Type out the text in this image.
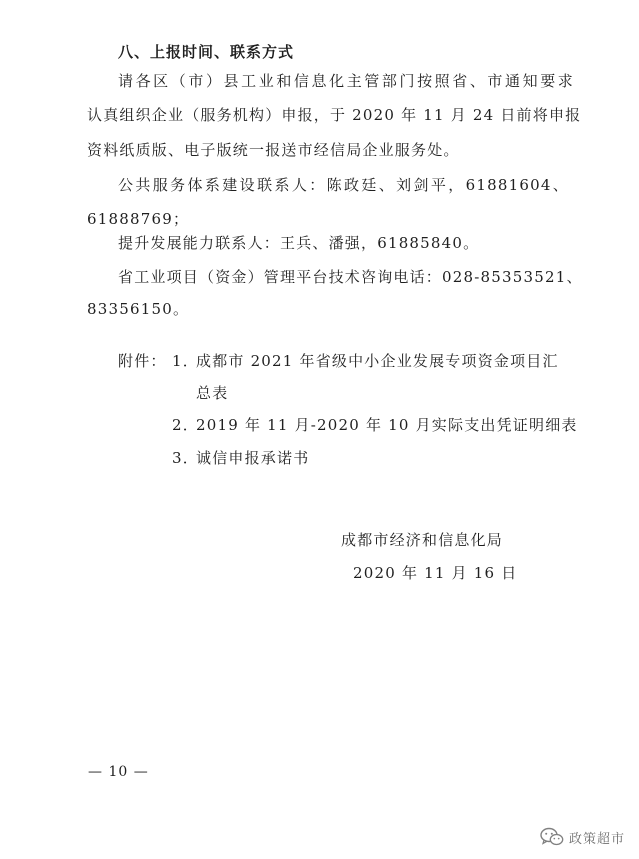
八、上报时间、联系方式
请各区（市）县工业和信息化主管部门按照省、市通知要求
认真组织企业（服务机构）申报，于 2020 年 11 月 24 日前将申报
资料纸质版、电子版统一报送市经信局企业服务处。
公共服务体系建设联系人：陈政廷、刘剑平，61881604、
61888769；
提升发展能力联系人：王兵、潘强，61885840。
省工业项目（资金）管理平台技术咨询电话：028-85353521、
83356150。
附件： 1．
成都市 2021 年省级中小企业发展专项资金项目汇
总表
2．
2019 年 11 月-2020 年 10 月实际支出凭证明细表
3．
诚信申报承诺书
成都市经济和信息化局
2020 年 11 月 16 日
— 10 —
政策超市
